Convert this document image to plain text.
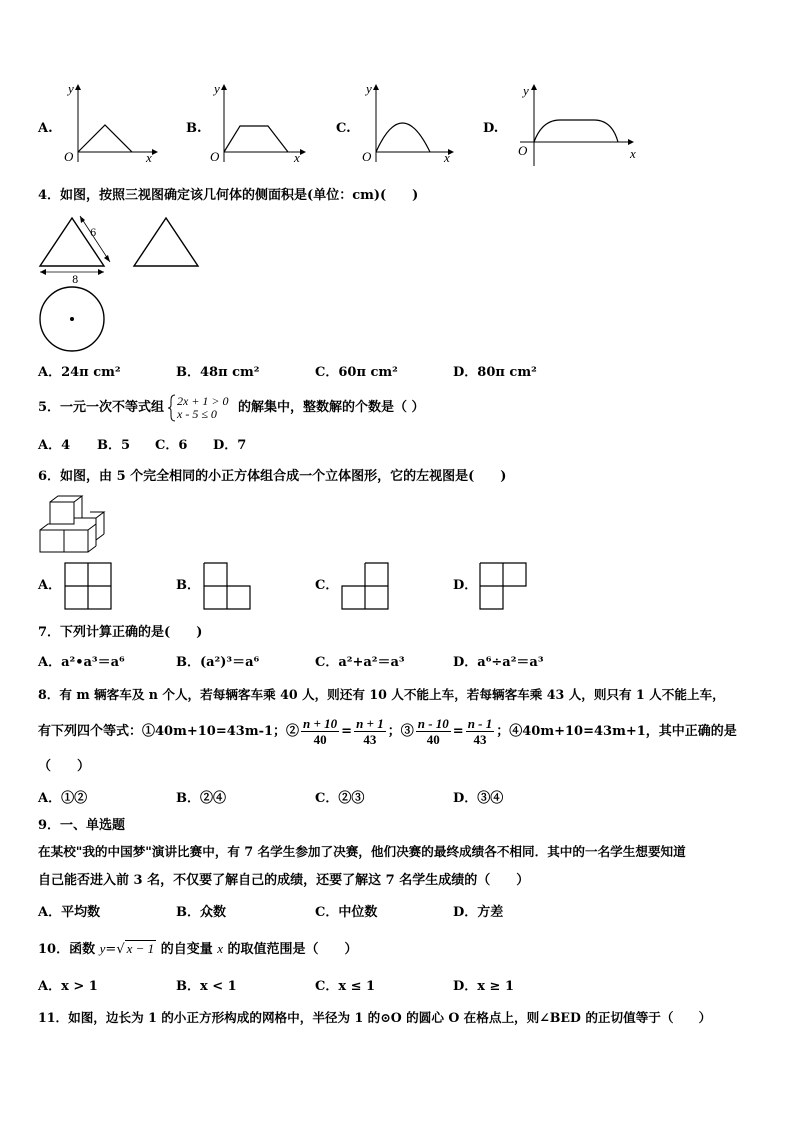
A.
y
x
O
B.
y
x
O
C.
y
x
O
D.
y
x
O
4．如图，按照三视图确定该几何体的侧面积是(单位：cm)(　　)
6
8
A．24π cm²	B．48π cm²	C．60π cm²	D．80π cm²
5．一元一次不等式组 2x + 1 > 0
x - 5 ≤ 0 的解集中，整数解的个数是（ ）
A．4 B．5 C．6 D．7
6．如图，由 5 个完全相同的小正方体组合成一个立体图形，它的左视图是(　　)
A．	B．	C．	D．
7．下列计算正确的是(　　)
A．a²•a³＝a⁶	B．(a²)³＝a⁶	C．a²+a²＝a³	D．a⁶÷a²＝a³
8．有 m 辆客车及 n 个人，若每辆客车乘 40 人，则还有 10 人不能上车，若每辆客车乘 43 人，则只有 1 人不能上车，
有下列四个等式：①40m+10=43m-1；② $\frac{n + 10}{40} = \frac{n + 1}{43}$ ；③ $\frac{n - 10}{40} = \frac{n - 1}{43}$ ；④40m+10=43m+1，其中正确的是
（　　）
A．①②	B．②④	C．②③	D．③④
9．一、单选题
在某校"我的中国梦"演讲比赛中，有 7 名学生参加了决赛，他们决赛的最终成绩各不相同．其中的一名学生想要知道
自己能否进入前 3 名，不仅要了解自己的成绩，还要了解这 7 名学生成绩的（　　）
A．平均数	B．众数	C．中位数	D．方差
10．函数 y=√ x − 1 的自变量 x 的取值范围是（　　）
A．x > 1	B．x < 1	C．x ≤ 1	D．x ≥ 1
11．如图，边长为 1 的小正方形构成的网格中，半径为 1 的⊙O 的圆心 O 在格点上，则∠BED 的正切值等于（　　）
